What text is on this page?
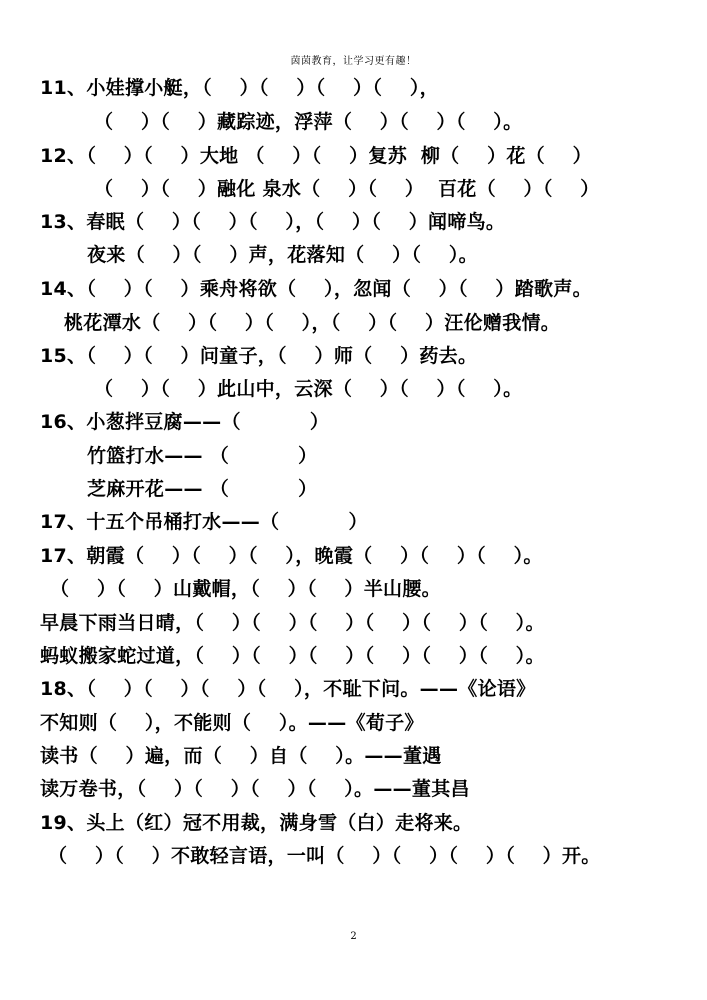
茵茵教育，让学习更有趣！
11、小娃撑小艇，（    ）（    ）（    ）（    ），
（    ）（    ）藏踪迹，浮萍（    ）（    ）（    ）。
12、（    ）（    ）大地 （    ）（    ）复苏  柳（    ）花（    ）
（    ）（    ）融化 泉水（    ）（    ）  百花（    ）（    ）
13、春眠（    ）（    ）（    ），（    ）（    ）闻啼鸟。
夜来（    ）（    ）声，花落知（    ）（    ）。
14、（    ）（    ）乘舟将欲（    ），忽闻（    ）（    ）踏歌声。
桃花潭水（    ）（    ）（    ），（    ）（    ）汪伦赠我情。
15、（    ）（    ）问童子，（    ）师（    ）药去。
（    ）（    ）此山中，云深（    ）（    ）（    ）。
16、小葱拌豆腐——（          ）
竹篮打水—— （          ）
芝麻开花—— （          ）
17、十五个吊桶打水——（          ）
17、朝霞（    ）（    ）（    ），晚霞（    ）（    ）（    ）。
（    ）（    ）山戴帽，（    ）（    ）半山腰。
早晨下雨当日晴，（    ）（    ）（    ）（    ）（    ）（    ）。
蚂蚁搬家蛇过道，（    ）（    ）（    ）（    ）（    ）（    ）。
18、（    ）（    ）（    ）（    ），不耻下问。——《论语》
不知则（    ），不能则（    ）。——《荀子》
读书（    ）遍，而（    ）自（    ）。——董遇
读万卷书，（    ）（    ）（    ）（    ）。——董其昌
19、头上（红）冠不用裁，满身雪（白）走将来。
（    ）（    ）不敢轻言语，一叫（    ）（    ）（    ）（    ）开。
2
